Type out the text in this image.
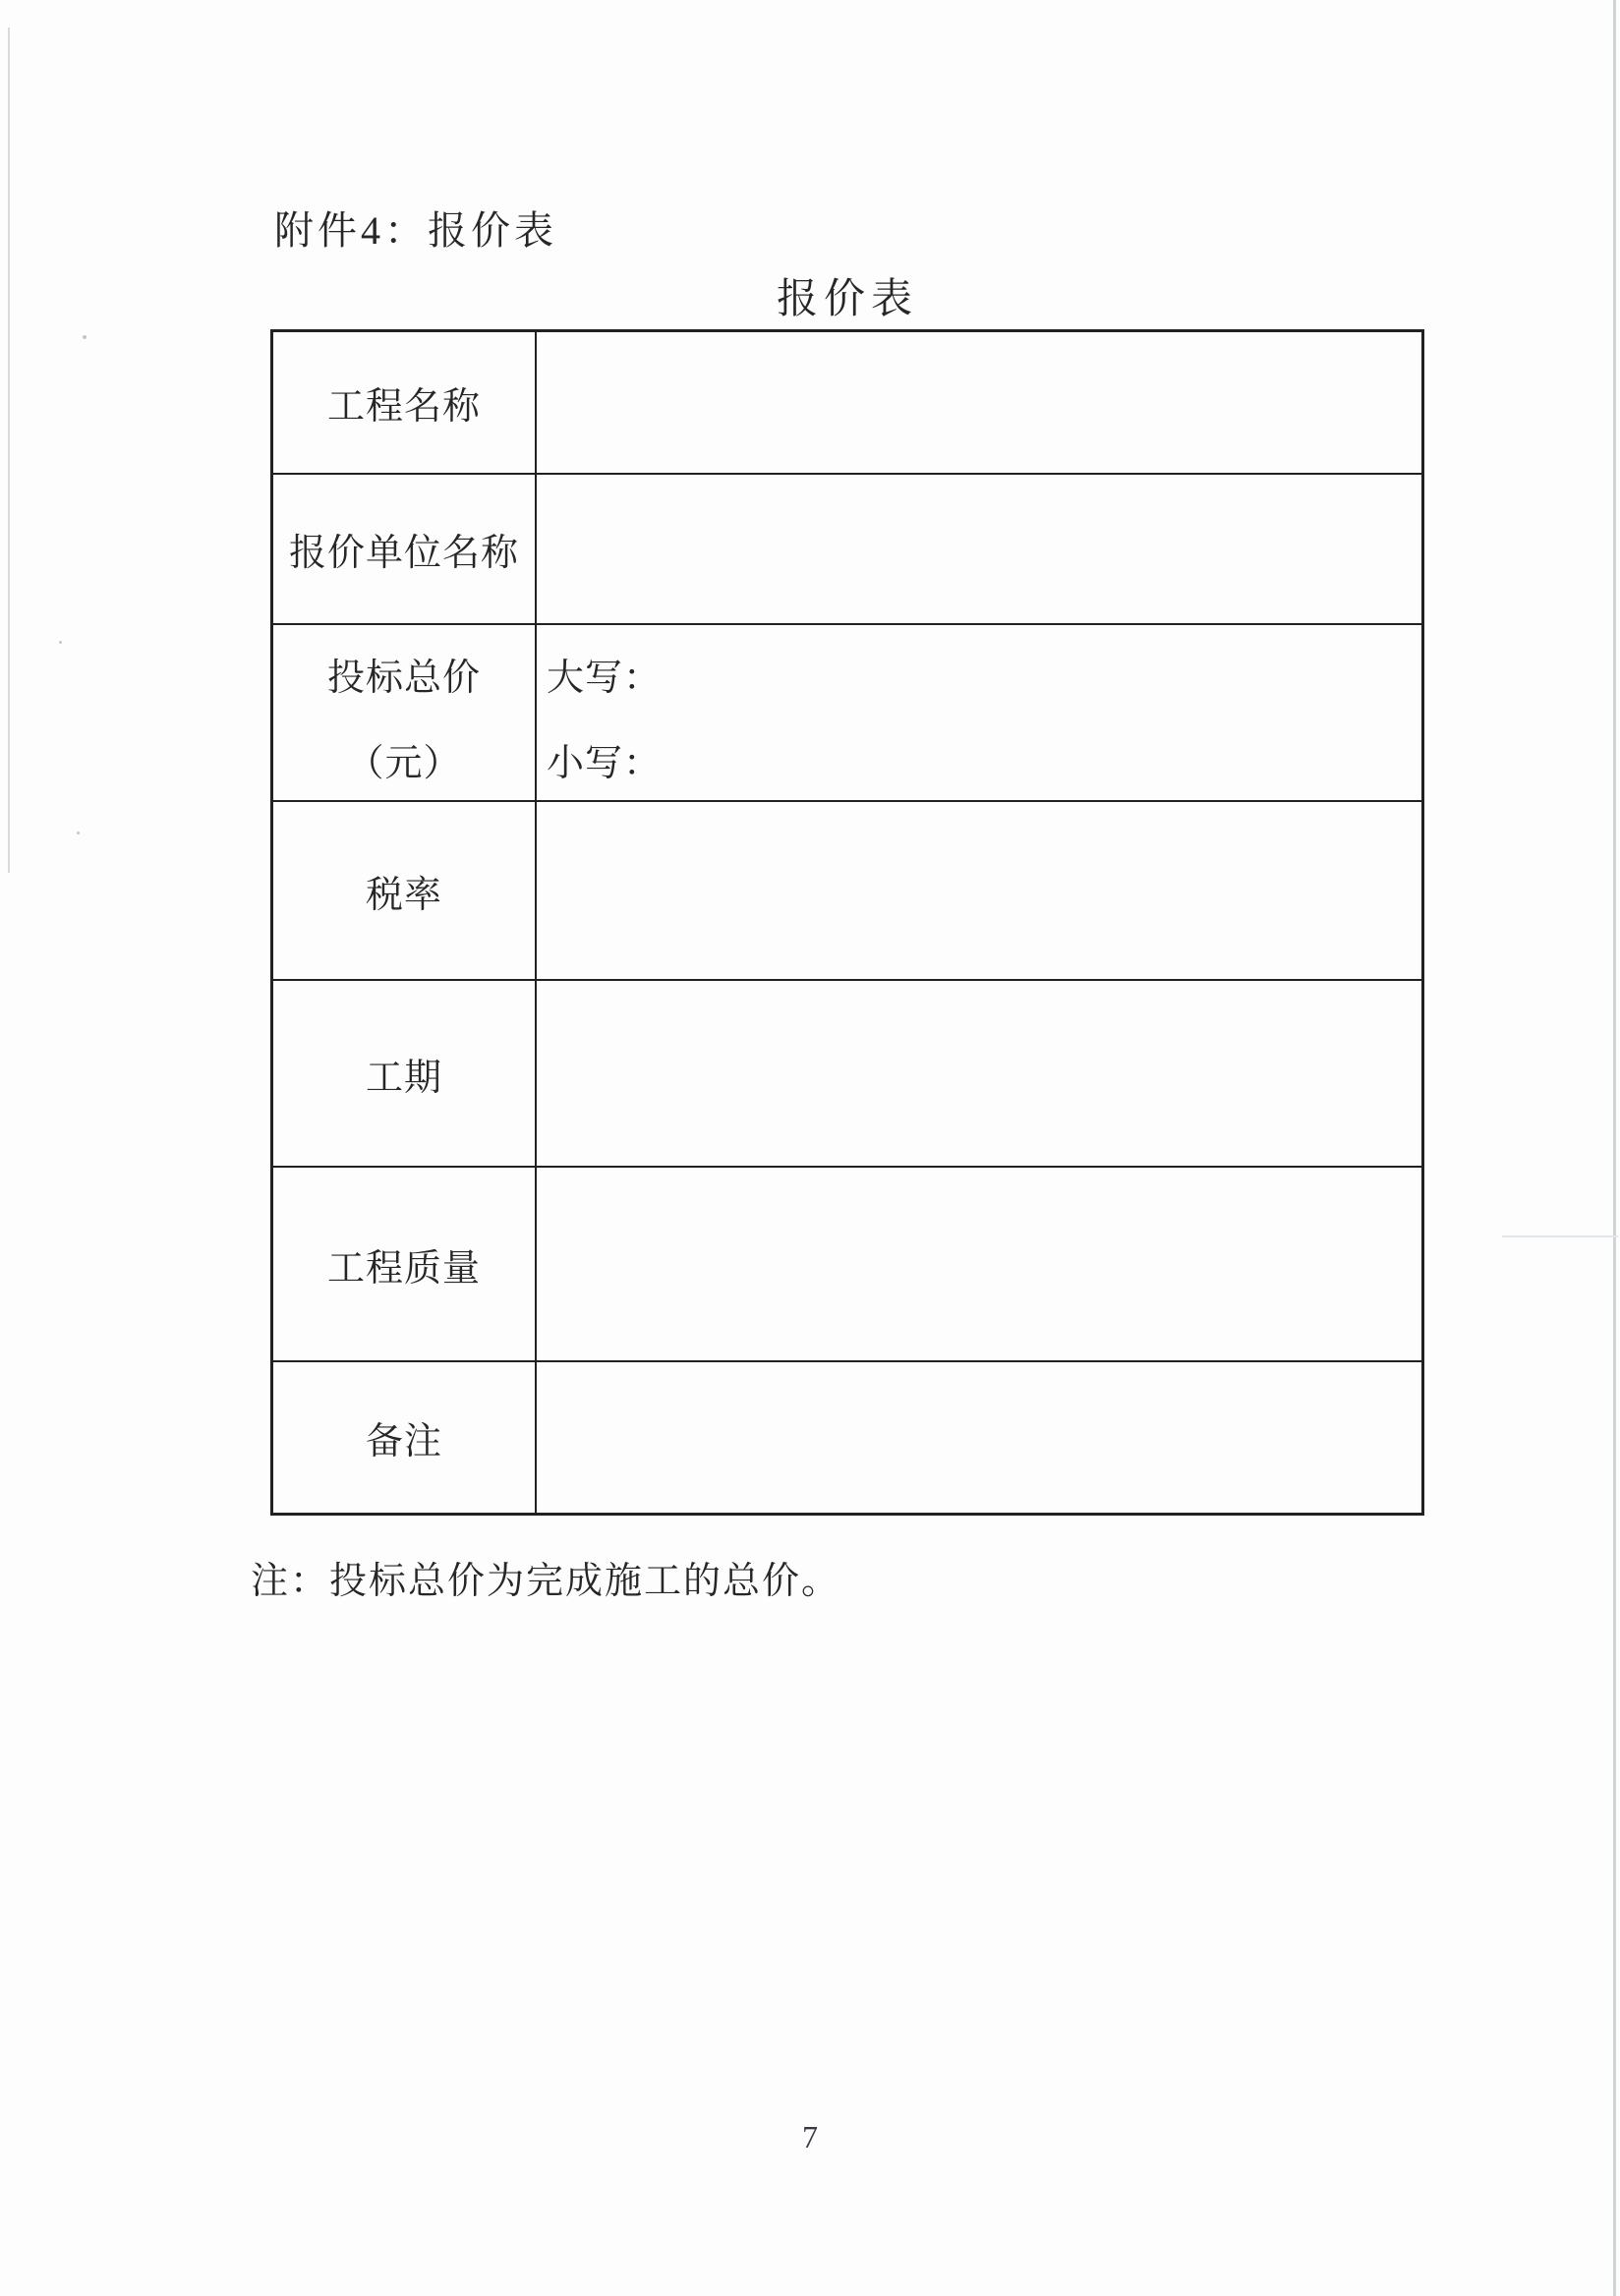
附件4：报价表
报价表
工程名称
报价单位名称
投标总价
（元）
大写：
小写：
税率
工期
工程质量
备注
注：投标总价为完成施工的总价。
7
